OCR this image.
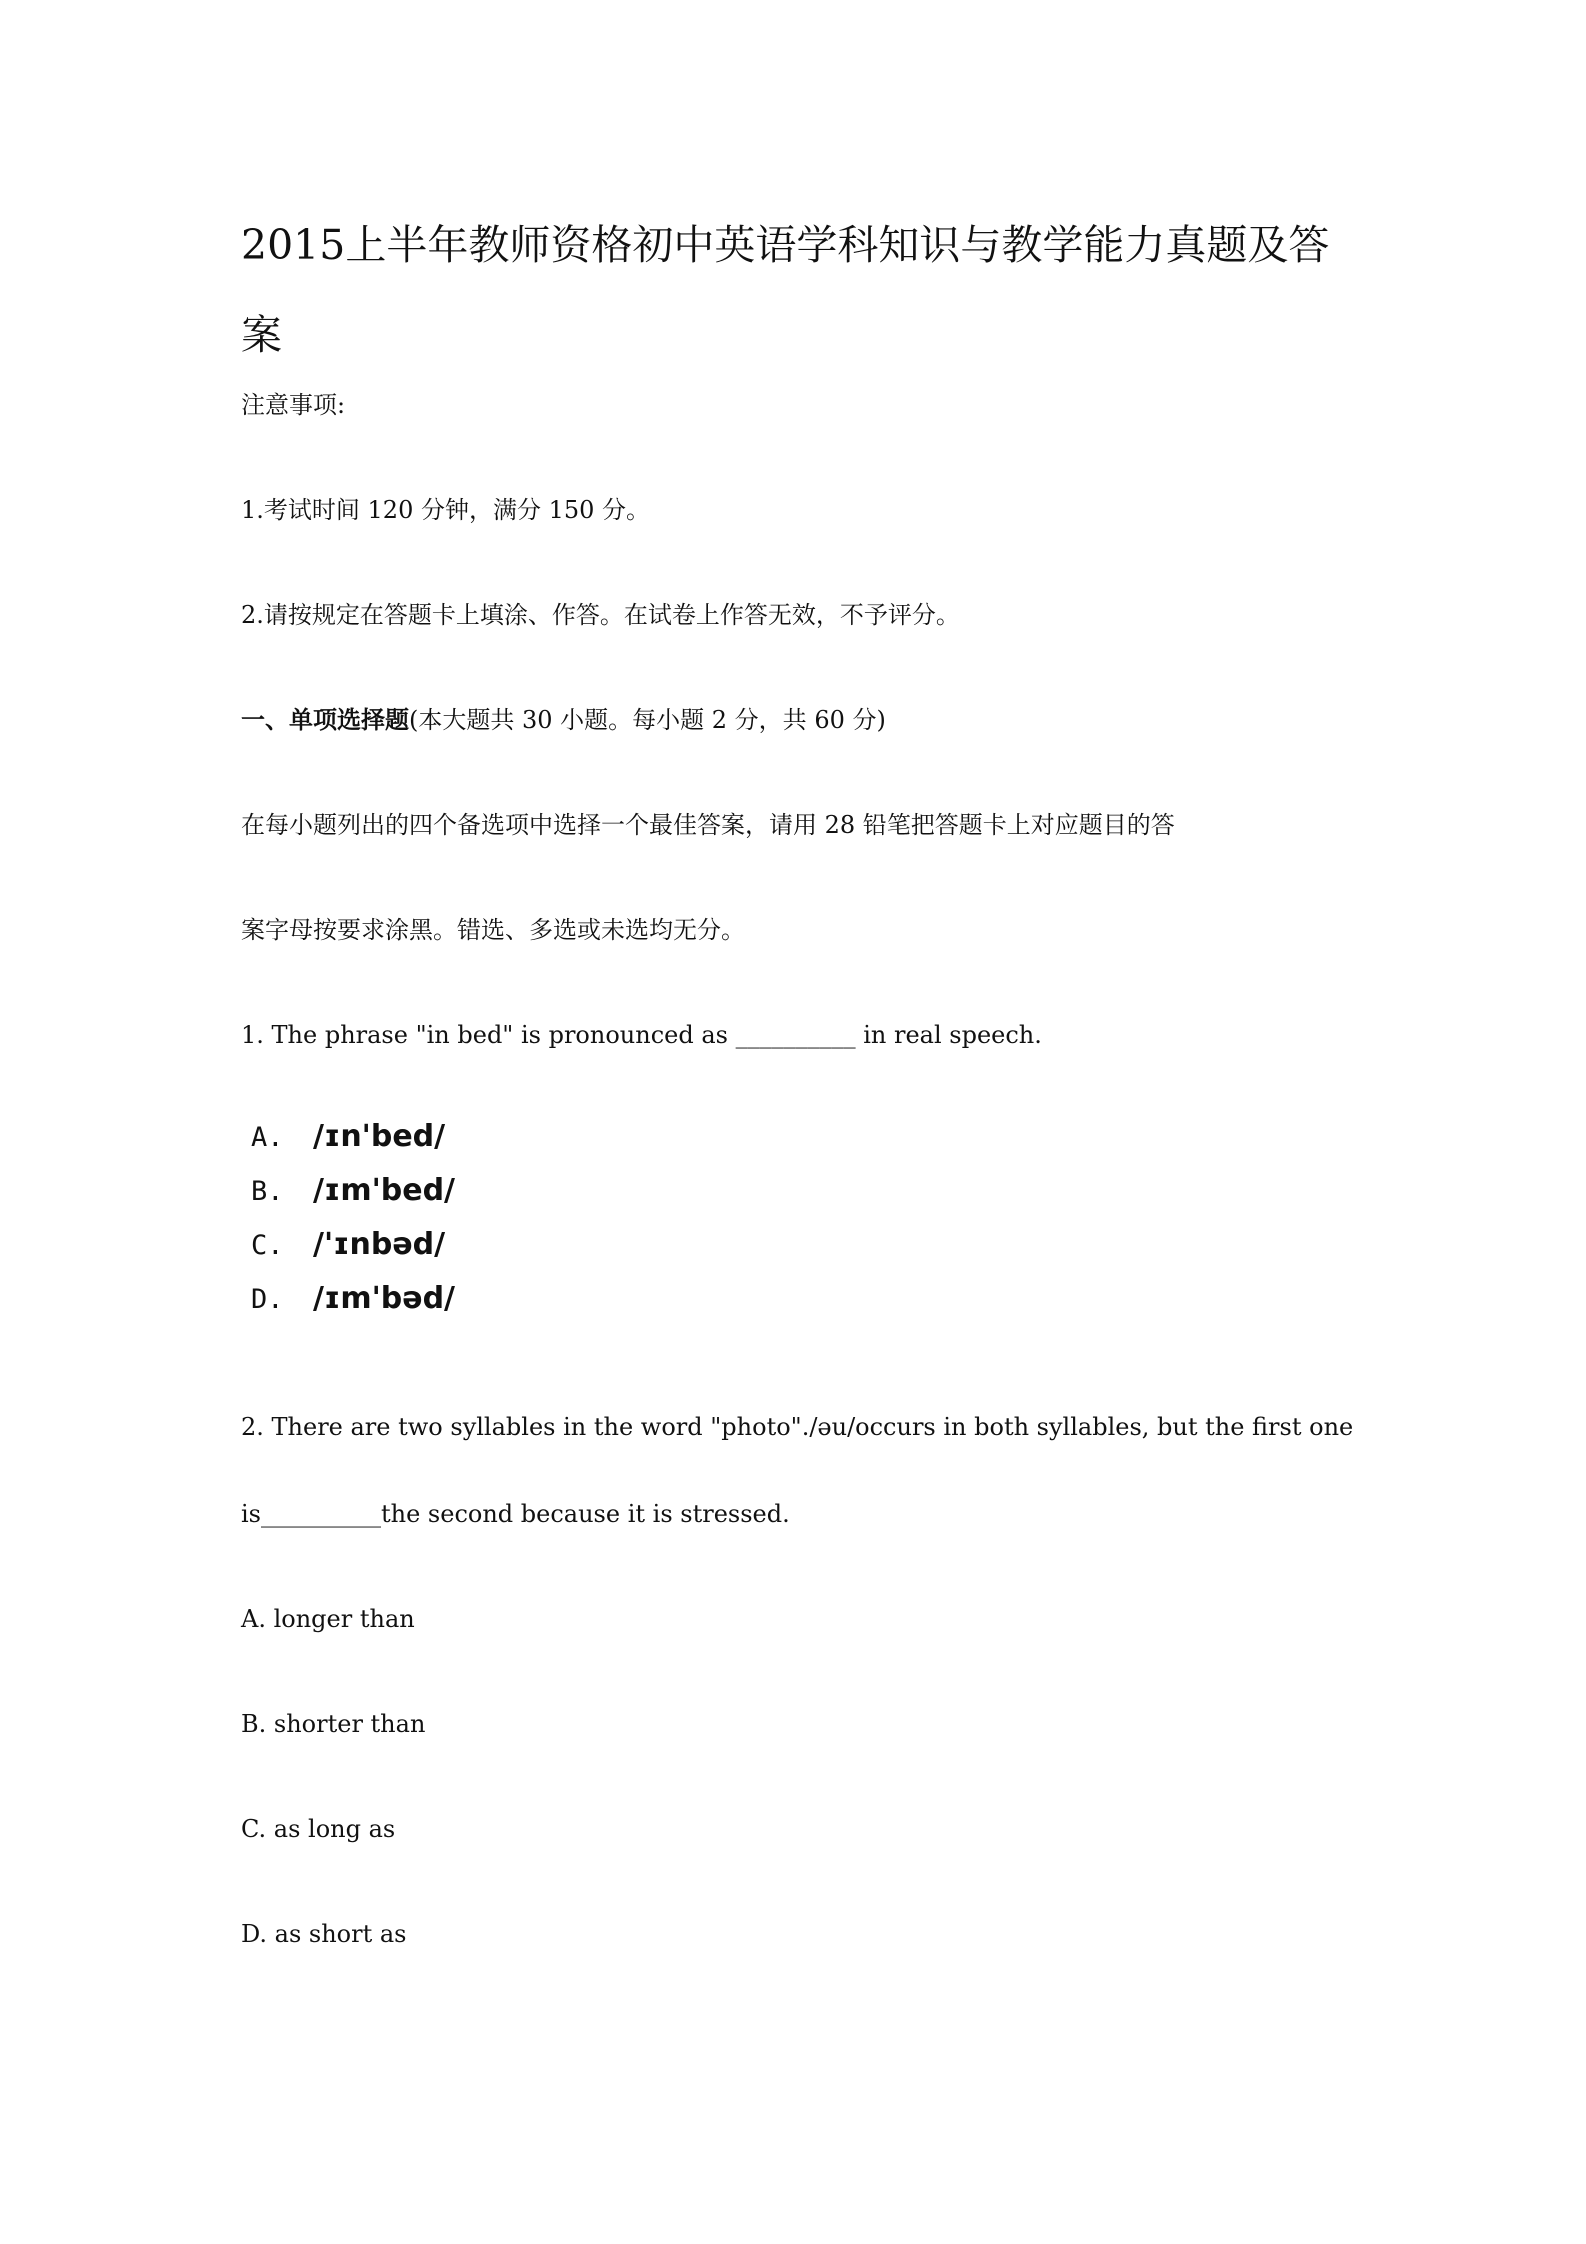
2015上半年教师资格初中英语学科知识与教学能力真题及答案
注意事项:
1.考试时间 120 分钟，满分 150 分。
2.请按规定在答题卡上填涂、作答。在试卷上作答无效，不予评分。
一、单项选择题(本大题共 30 小题。每小题 2 分，共 60 分)
在每小题列出的四个备选项中选择一个最佳答案，请用 28 铅笔把答题卡上对应题目的答
案字母按要求涂黑。错选、多选或未选均无分。
1. The phrase "in bed" is pronounced as __________ in real speech.
A. /ɪn'bed/
B. /ɪm'bed/
C. /'ɪnbəd/
D. /ɪm'bəd/
2. There are two syllables in the word "photo"./əu/occurs in both syllables, but the first one
is__________the second because it is stressed.
A. longer than
B. shorter than
C. as long as
D. as short as
